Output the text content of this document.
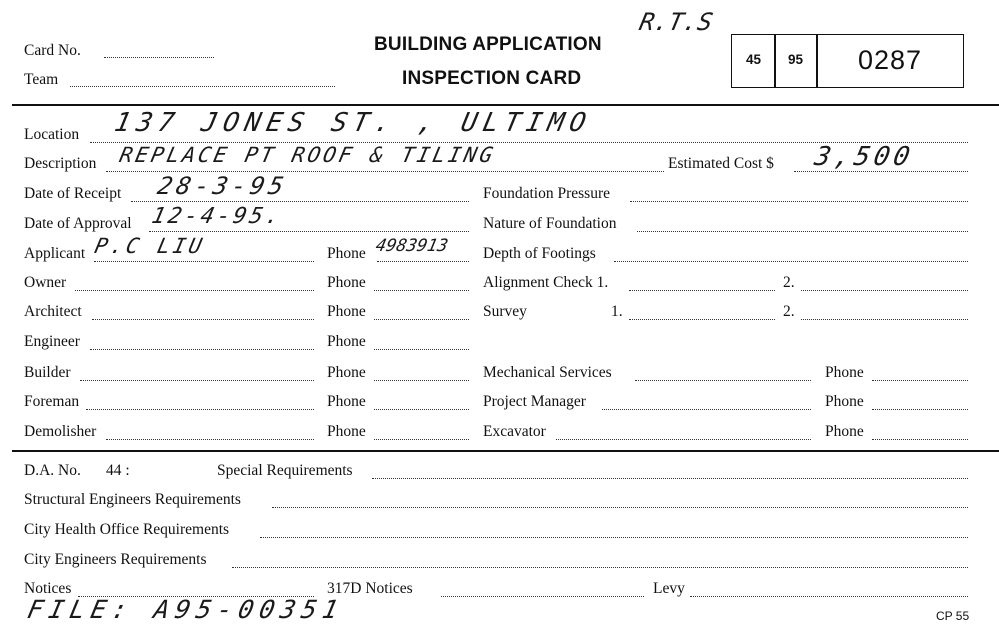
Card No.
Team
BUILDING APPLICATION
INSPECTION CARD
R.T.S
45	95	0287
Location 137 JONES ST. , ULTIMO
Description REPLACE PT ROOF & TILING	Estimated Cost $ 3,500
Date of Receipt 28-3-95	Foundation Pressure
Date of Approval 12-4-95.	Nature of Foundation
Applicant P.C LIU	Phone 4983913 Depth of Footings
Owner	Phone	Alignment Check 1.	2.
Architect	Phone	Survey	1.	2.
Engineer	Phone
Builder	Phone	Mechanical Services	Phone
Foreman	Phone	Project Manager	Phone
Demolisher	Phone	Excavator	Phone
D.A. No. 44 :	Special Requirements
Structural Engineers Requirements
City Health Office Requirements
City Engineers Requirements
Notices	317D Notices	Levy
FILE: A95-00351	CP 55
